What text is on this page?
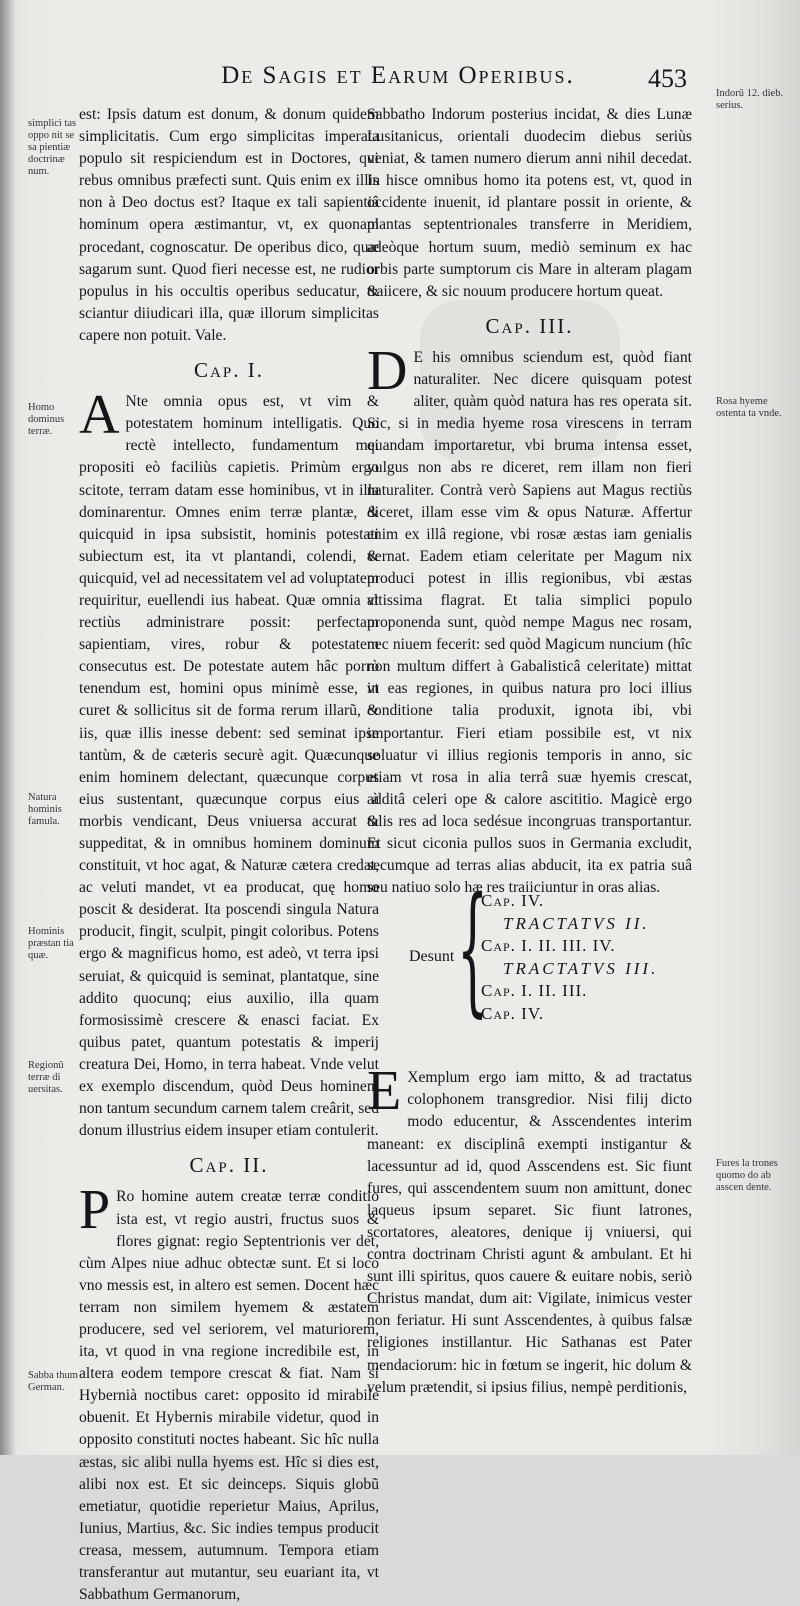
De Sagis et Earum Operibus.	453

est: Ipsis datum est donum, & donum quidem simplicitatis. Cum ergo simplicitas imperata populo sit respiciendum est in Doctores, qui rebus omnibus præfecti sunt. Quis enim ex illis non à Deo doctus est? Itaque ex tali sapientiâ hominum opera æstimantur, vt, ex quonam procedant, cognoscatur. De operibus dico, quæ sagarum sunt. Quod fieri necesse est, ne rudior populus in his occultis operibus seducatur, & sciantur diiudicari illa, quæ illorum simplicitas capere non potuit. Vale.

Cap. I.

A Nte omnia opus est, vt vim & potestatem hominum intelligatis. Quo rectè intellecto, fundamentum mei propositi eò faciliùs capietis. Primùm ergo scitote, terram datam esse hominibus, vt in illa dominarentur. Omnes enim terræ plantæ, & quicquid in ipsa subsistit, hominis potestati subiectum est, ita vt plantandi, colendi, & quicquid, vel ad necessitatem vel ad voluptatem requiritur, euellendi ius habeat. Quæ omnia vt rectiùs administrare possit: perfectam sapientiam, vires, robur & potestatem consecutus est. De potestate autem hâc porrò tenendum est, homini opus minimè esse, vt curet & sollicitus sit de forma rerum illarũ, & iis, quæ illis inesse debent: sed seminat ipse tantùm, & de cæteris securè agit. Quæcunque enim hominem delectant, quæcunque corpus eius sustentant, quæcunque corpus eius à morbis vendicant, Deus vniuersa accurat & suppeditat, & in omnibus hominem dominum constituit, vt hoc agat, & Naturæ cætera credat, ac veluti mandet, vt ea producat, quę homo poscit & desiderat. Ita poscendi singula Natura producit, fingit, sculpit, pingit coloribus. Potens ergo & magnificus homo, est adeò, vt terra ipsi seruiat, & quicquid is seminat, plantatque, sine addito quocunq; eius auxilio, illa quam formosissimè crescere & enasci faciat. Ex quibus patet, quantum potestatis & imperij creatura Dei, Homo, in terra habeat. Vnde velut ex exemplo discendum, quòd Deus hominem non tantum secundum carnem talem creârit, sed donum illustrius eidem insuper etiam contulerit.

Cap. II.

P Ro homine autem creatæ terræ conditio ista est, vt regio austri, fructus suos & flores gignat: regio Septentrionis ver det, cùm Alpes niue adhuc obtectæ sunt. Et si loco vno messis est, in altero est semen. Docent hæc terram non similem hyemem & æstatem producere, sed vel seriorem, vel maturiorem, ita, vt quod in vna regione incredibile est, in altera eodem tempore crescat & fiat. Nam si Hybernià noctibus caret: opposito id mirabile obuenit. Et Hybernis mirabile videtur, quod in opposito constituti noctes habeant. Sic hîc nulla æstas, sic alibi nulla hyems est. Hîc si dies est, alibi nox est. Et sic deinceps. Siquis globũ emetiatur, quotidie reperietur Maius, Aprilus, Iunius, Martius, &c. Sic indies tempus producit creasa, messem, autumnum. Tempora etiam transferantur aut mutantur, seu euariant ita, vt Sabbathum Germanorum,

Sabbatho Indorum posterius incidat, & dies Lunæ Lusitanicus, orientali duodecim diebus seriùs veniat, & tamen numero dierum anni nihil decedat. In hisce omnibus homo ita potens est, vt, quod in occidente inuenit, id plantare possit in oriente, & plantas septentrionales transferre in Meridiem, adeòque hortum suum, mediò seminum ex hac orbis parte sumptorum cis Mare in alteram plagam traiicere, & sic nouum producere hortum queat.

Cap. III.

D E his omnibus sciendum est, quòd fiant naturaliter. Nec dicere quisquam potest aliter, quàm quòd natura has res operata sit. Sic, si in media hyeme rosa virescens in terram quandam importaretur, vbi bruma intensa esset, vulgus non abs re diceret, rem illam non fieri naturaliter. Contrà verò Sapiens aut Magus rectiùs diceret, illam esse vim & opus Naturæ. Affertur enim ex illâ regione, vbi rosæ æstas iam genialis vernat. Eadem etiam celeritate per Magum nix produci potest in illis regionibus, vbi æstas altissima flagrat. Et talia simplici populo proponenda sunt, quòd nempe Magus nec rosam, nec niuem fecerit: sed quòd Magicum nuncium (hîc non multum differt à Gabalisticâ celeritate) mittat in eas regiones, in quibus natura pro loci illius conditione talia produxit, ignota ibi, vbi importantur. Fieri etiam possibile est, vt nix soluatur vi illius regionis temporis in anno, sic etiam vt rosa in alia terrâ suæ hyemis crescat, additâ celeri ope & calore ascititio. Magicè ergo talis res ad loca sedésue incongruas transportantur. Et sicut ciconia pullos suos in Germania excludit, secumque ad terras alias abducit, ita ex patria suâ seu natiuo solo hæ res traiiciuntur in oras alias.

E Xemplum ergo iam mitto, & ad tractatus colophonem transgredior. Nisi filij dicto modo educentur, & Asscendentes interim maneant: ex disciplinâ exempti instigantur & lacessuntur ad id, quod Asscendens est. Sic fiunt fures, qui asscendentem suum non amittunt, donec laqueus ipsum separet. Sic fiunt latrones, scortatores, aleatores, denique ij vniuersi, qui contra doctrinam Christi agunt & ambulant. Et hi sunt illi spiritus, quos cauere & euitare nobis, seriò Christus mandat, dum ait: Vigilate, inimicus vester non feriatur. Hi sunt Asscendentes, à quibus falsæ religiones instillantur. Hic Sathanas est Pater mendaciorum: hic in fœtum se ingerit, hic dolum & velum prætendit, si ipsius filius, nempè perditionis,

Desunt {
Cap. IV.
TRACTATVS II.
Cap. I. II. III. IV.
TRACTATVS III.
Cap. I. II. III.
Cap. IV.
simplici tas oppo nit se sa pientiæ doctrinæ num.
Homo dominus terræ.
Natura hominis famula.
Hominis præstan tia quæ.
Regionũ terræ di uersitas.
Sabba thum German.
Indorũ 12. dieb. serius.
Rosa hyeme ostenta ta vnde.
Fures la trones quomo do ab asscen dente.
